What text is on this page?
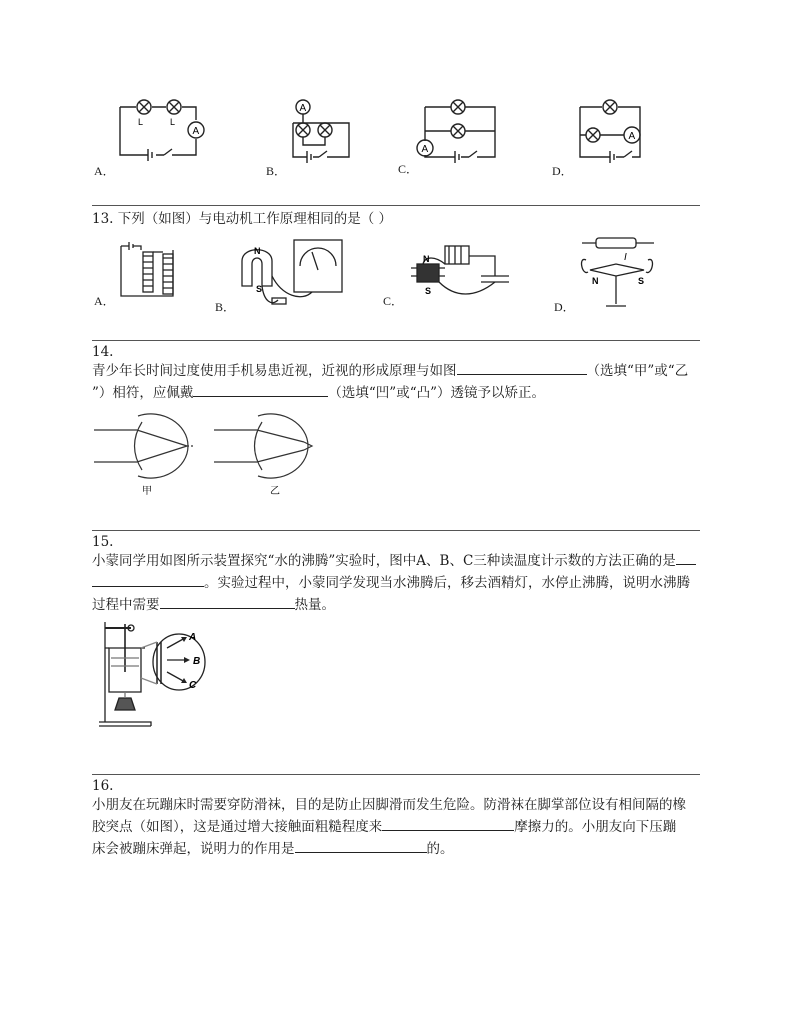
A
L	L
A．
A
B．
A
C．
A
D．
13. 下列（如图）与电动机工作原理相同的是（ ）
A．
N
S
B．
N
S
C．
I
N	S
D．
14.
青少年长时间过度使用手机易患近视，近视的形成原理与如图	（选填“甲”或“乙
”）相符，应佩戴	（选填“凹”或“凸”）透镜予以矫正。
甲	乙
15.
小蒙同学用如图所示装置探究“水的沸腾”实验时，图中A、B、C三种读温度计示数的方法正确的是
。实验过程中，小蒙同学发现当水沸腾后，移去酒精灯，水停止沸腾，说明水沸腾
过程中需要	热量。
A
B
C
16.
小朋友在玩蹦床时需要穿防滑袜，目的是防止因脚滑而发生危险。防滑袜在脚掌部位设有相间隔的橡
胶突点（如图），这是通过增大接触面粗糙程度来	摩擦力的。小朋友向下压蹦
床会被蹦床弹起，说明力的作用是	的。
